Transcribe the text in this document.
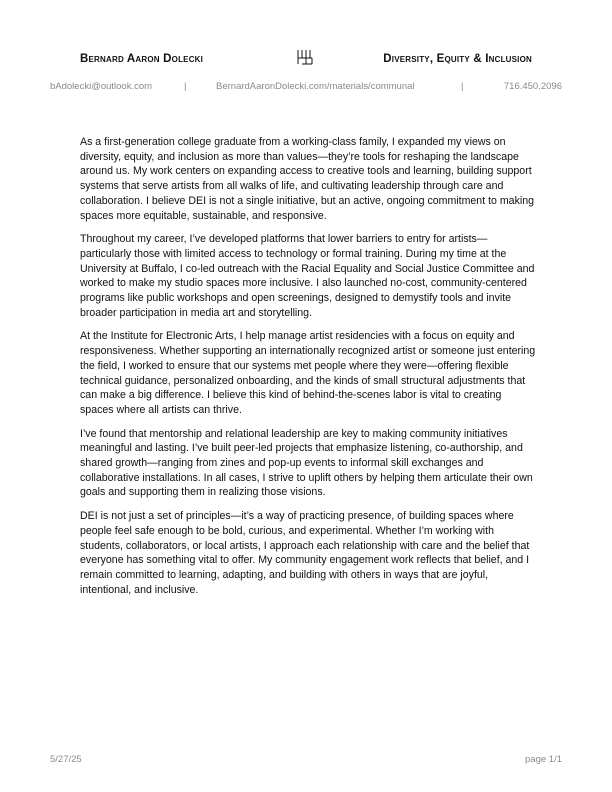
Bernard Aaron Dolecki	Diversity, Equity & Inclusion
bAdolecki@outlook.com	|	BernardAaronDolecki.com/materials/communal	|	716.450.2096

As a first-generation college graduate from a working-class family, I expanded my views on diversity, equity, and inclusion as more than values—they’re tools for reshaping the landscape around us. My work centers on expanding access to creative tools and learning, building support systems that serve artists from all walks of life, and cultivating leadership through care and collaboration. I believe DEI is not a single initiative, but an active, ongoing commitment to making spaces more equitable, sustainable, and responsive.

Throughout my career, I’ve developed platforms that lower barriers to entry for artists—particularly those with limited access to technology or formal training. During my time at the University at Buffalo, I co-led outreach with the Racial Equality and Social Justice Committee and worked to make my studio spaces more inclusive. I also launched no-cost, community-centered programs like public workshops and open screenings, designed to demystify tools and invite broader participation in media art and storytelling.

At the Institute for Electronic Arts, I help manage artist residencies with a focus on equity and responsiveness. Whether supporting an internationally recognized artist or someone just entering the field, I worked to ensure that our systems met people where they were—offering flexible technical guidance, personalized onboarding, and the kinds of small structural adjustments that can make a big difference. I believe this kind of behind-the-scenes labor is vital to creating spaces where all artists can thrive.

I’ve found that mentorship and relational leadership are key to making community initiatives meaningful and lasting. I’ve built peer-led projects that emphasize listening, co-authorship, and shared growth—ranging from zines and pop-up events to informal skill exchanges and collaborative installations. In all cases, I strive to uplift others by helping them articulate their own goals and supporting them in realizing those visions.

DEI is not just a set of principles—it’s a way of practicing presence, of building spaces where people feel safe enough to be bold, curious, and experimental. Whether I’m working with students, collaborators, or local artists, I approach each relationship with care and the belief that everyone has something vital to offer. My community engagement work reflects that belief, and I remain committed to learning, adapting, and building with others in ways that are joyful, intentional, and inclusive.

5/27/25	page 1/1
